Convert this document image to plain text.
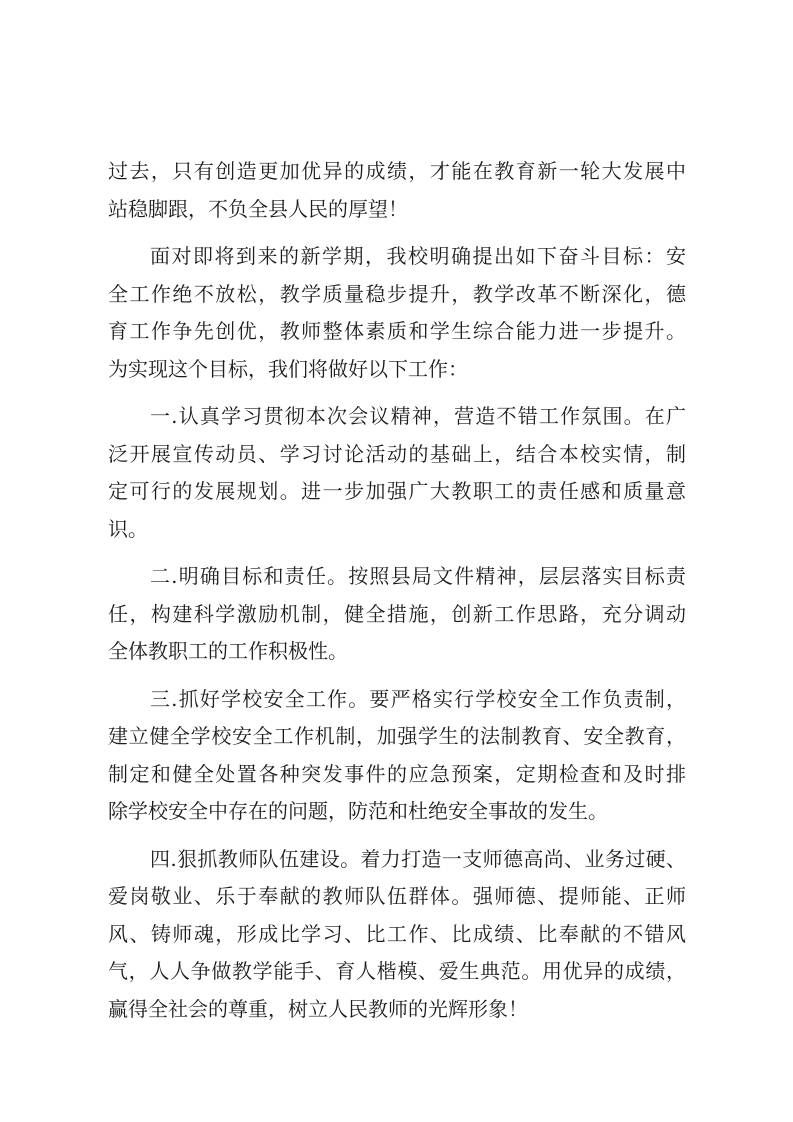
过去，只有创造更加优异的成绩，才能在教育新一轮大发展中
站稳脚跟，不负全县人民的厚望！
面对即将到来的新学期，我校明确提出如下奋斗目标：安
全工作绝不放松，教学质量稳步提升，教学改革不断深化，德
育工作争先创优，教师整体素质和学生综合能力进一步提升。
为实现这个目标，我们将做好以下工作：
一.认真学习贯彻本次会议精神，营造不错工作氛围。在广
泛开展宣传动员、学习讨论活动的基础上，结合本校实情，制
定可行的发展规划。进一步加强广大教职工的责任感和质量意
识。
二.明确目标和责任。按照县局文件精神，层层落实目标责
任，构建科学激励机制，健全措施，创新工作思路，充分调动
全体教职工的工作积极性。
三.抓好学校安全工作。要严格实行学校安全工作负责制，
建立健全学校安全工作机制，加强学生的法制教育、安全教育，
制定和健全处置各种突发事件的应急预案，定期检查和及时排
除学校安全中存在的问题，防范和杜绝安全事故的发生。
四.狠抓教师队伍建设。着力打造一支师德高尚、业务过硬、
爱岗敬业、乐于奉献的教师队伍群体。强师德、提师能、正师
风、铸师魂，形成比学习、比工作、比成绩、比奉献的不错风
气，人人争做教学能手、育人楷模、爱生典范。用优异的成绩，
赢得全社会的尊重，树立人民教师的光辉形象！
